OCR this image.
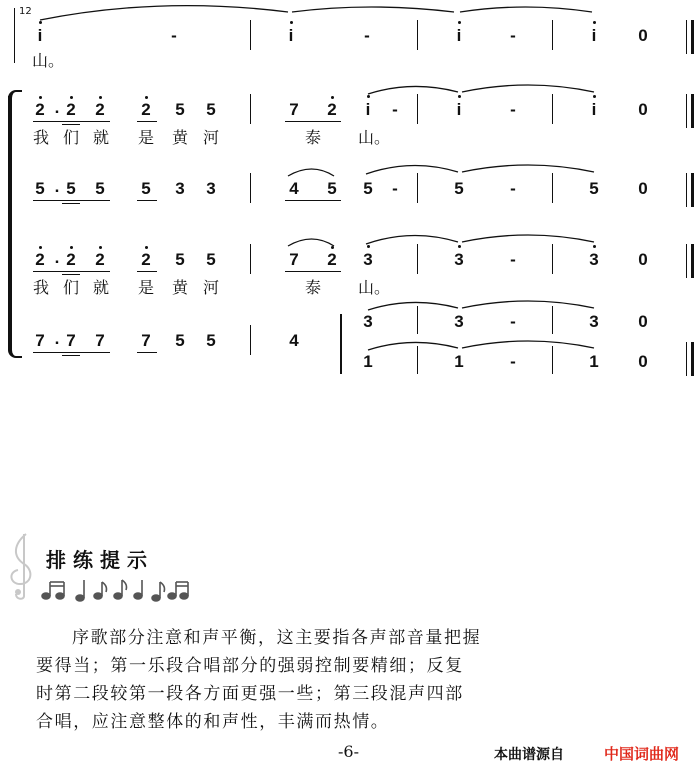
12
i	-	i	-	i	-	i 0
山。
2 . 2 2 2 5 5	7 2 i -	i	-	i 0
我 们 就 是 黄 河	泰 山。
5 . 5 5 5 3 3	4 5 5 -	5	-	5 0
2 . 2 2 2 5 5	7 2 3	3	-	3 0
我 们 就 是 黄 河	泰 山。
7 . 7 7 7 5 5	4
3	3	-	3 0
1	1	-	1 0
排练提示
序歌部分注意和声平衡，这主要指各声部音量把握
要得当；第一乐段合唱部分的强弱控制要精细；反复
时第二段较第一段各方面更强一些；第三段混声四部
合唱，应注意整体的和声性，丰满而热情。
-6-	本曲谱源自	中国词曲网
